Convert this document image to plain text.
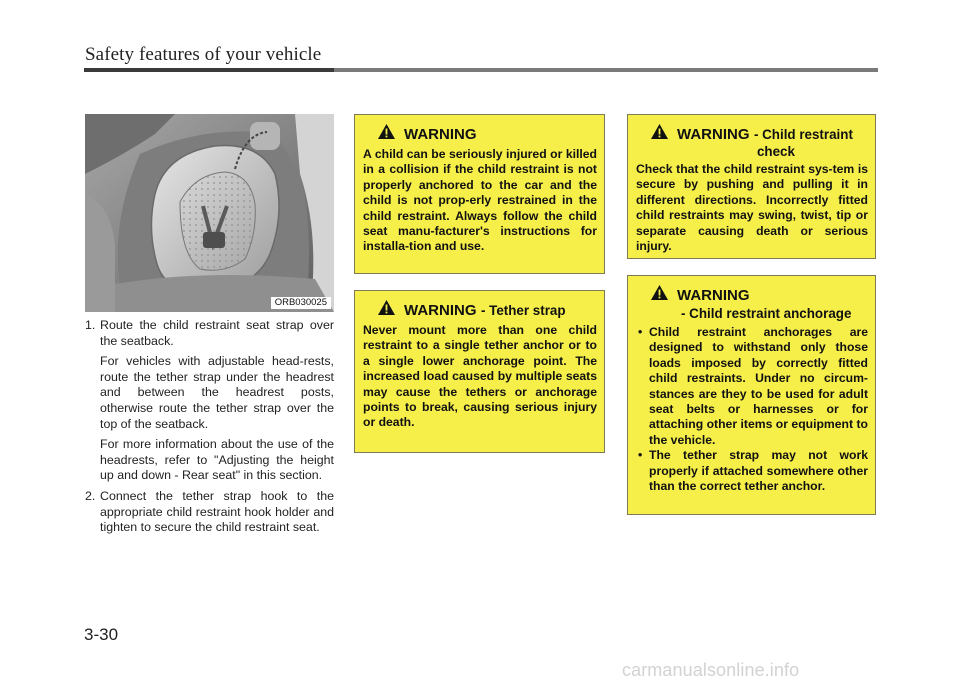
Safety features of your vehicle
ORB030025
1. Route the child restraint seat strap over the seatback.
For vehicles with adjustable head-rests, route the tether strap under the headrest and between the headrest posts, otherwise route the tether strap over the top of the seatback.
For more information about the use of the headrests, refer to "Adjusting the height up and down - Rear seat" in this section.
2. Connect the tether strap hook to the appropriate child restraint hook holder and tighten to secure the child restraint seat.
WARNING
A child can be seriously injured or killed in a collision if the child restraint is not properly anchored to the car and the child is not prop-erly restrained in the child restraint. Always follow the child seat manu-facturer's instructions for installa-tion and use.
WARNING - Tether strap
Never mount more than one child restraint to a single tether anchor or to a single lower anchorage point. The increased load caused by multiple seats may cause the tethers or anchorage points to break, causing serious injury or death.
WARNING - Child restraint
check
Check that the child restraint sys-tem is secure by pushing and pulling it in different directions. Incorrectly fitted child restraints may swing, twist, tip or separate causing death or serious injury.
WARNING
- Child restraint anchorage
• Child restraint anchorages are designed to withstand only those loads imposed by correctly fitted child restraints. Under no circum-stances are they to be used for adult seat belts or harnesses or for attaching other items or equipment to the vehicle.
• The tether strap may not work properly if attached somewhere other than the correct tether anchor.
3-30
carmanualsonline.info
